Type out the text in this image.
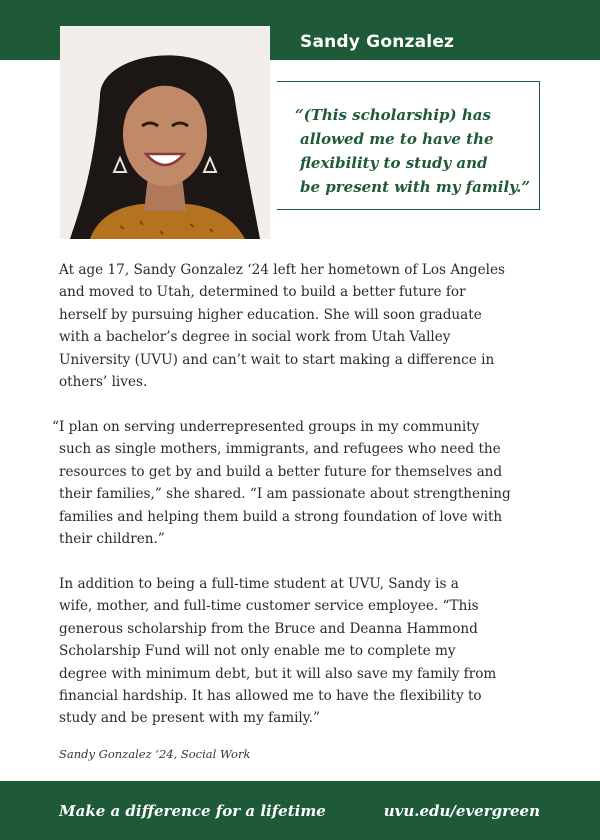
Sandy Gonzalez
“(This scholarship) has
allowed me to have the
flexibility to study and
be present with my family.”
At age 17, Sandy Gonzalez ‘24 left her hometown of Los Angeles
and moved to Utah, determined to build a better future for
herself by pursuing higher education. She will soon graduate
with a bachelor’s degree in social work from Utah Valley
University (UVU) and can’t wait to start making a difference in
others’ lives.
“I plan on serving underrepresented groups in my community
such as single mothers, immigrants, and refugees who need the
resources to get by and build a better future for themselves and
their families,” she shared. “I am passionate about strengthening
families and helping them build a strong foundation of love with
their children.”
In addition to being a full-time student at UVU, Sandy is a
wife, mother, and full-time customer service employee. “This
generous scholarship from the Bruce and Deanna Hammond
Scholarship Fund will not only enable me to complete my
degree with minimum debt, but it will also save my family from
financial hardship. It has allowed me to have the flexibility to
study and be present with my family.”
Sandy Gonzalez ‘24, Social Work
Make a difference for a lifetime	uvu.edu/evergreen
